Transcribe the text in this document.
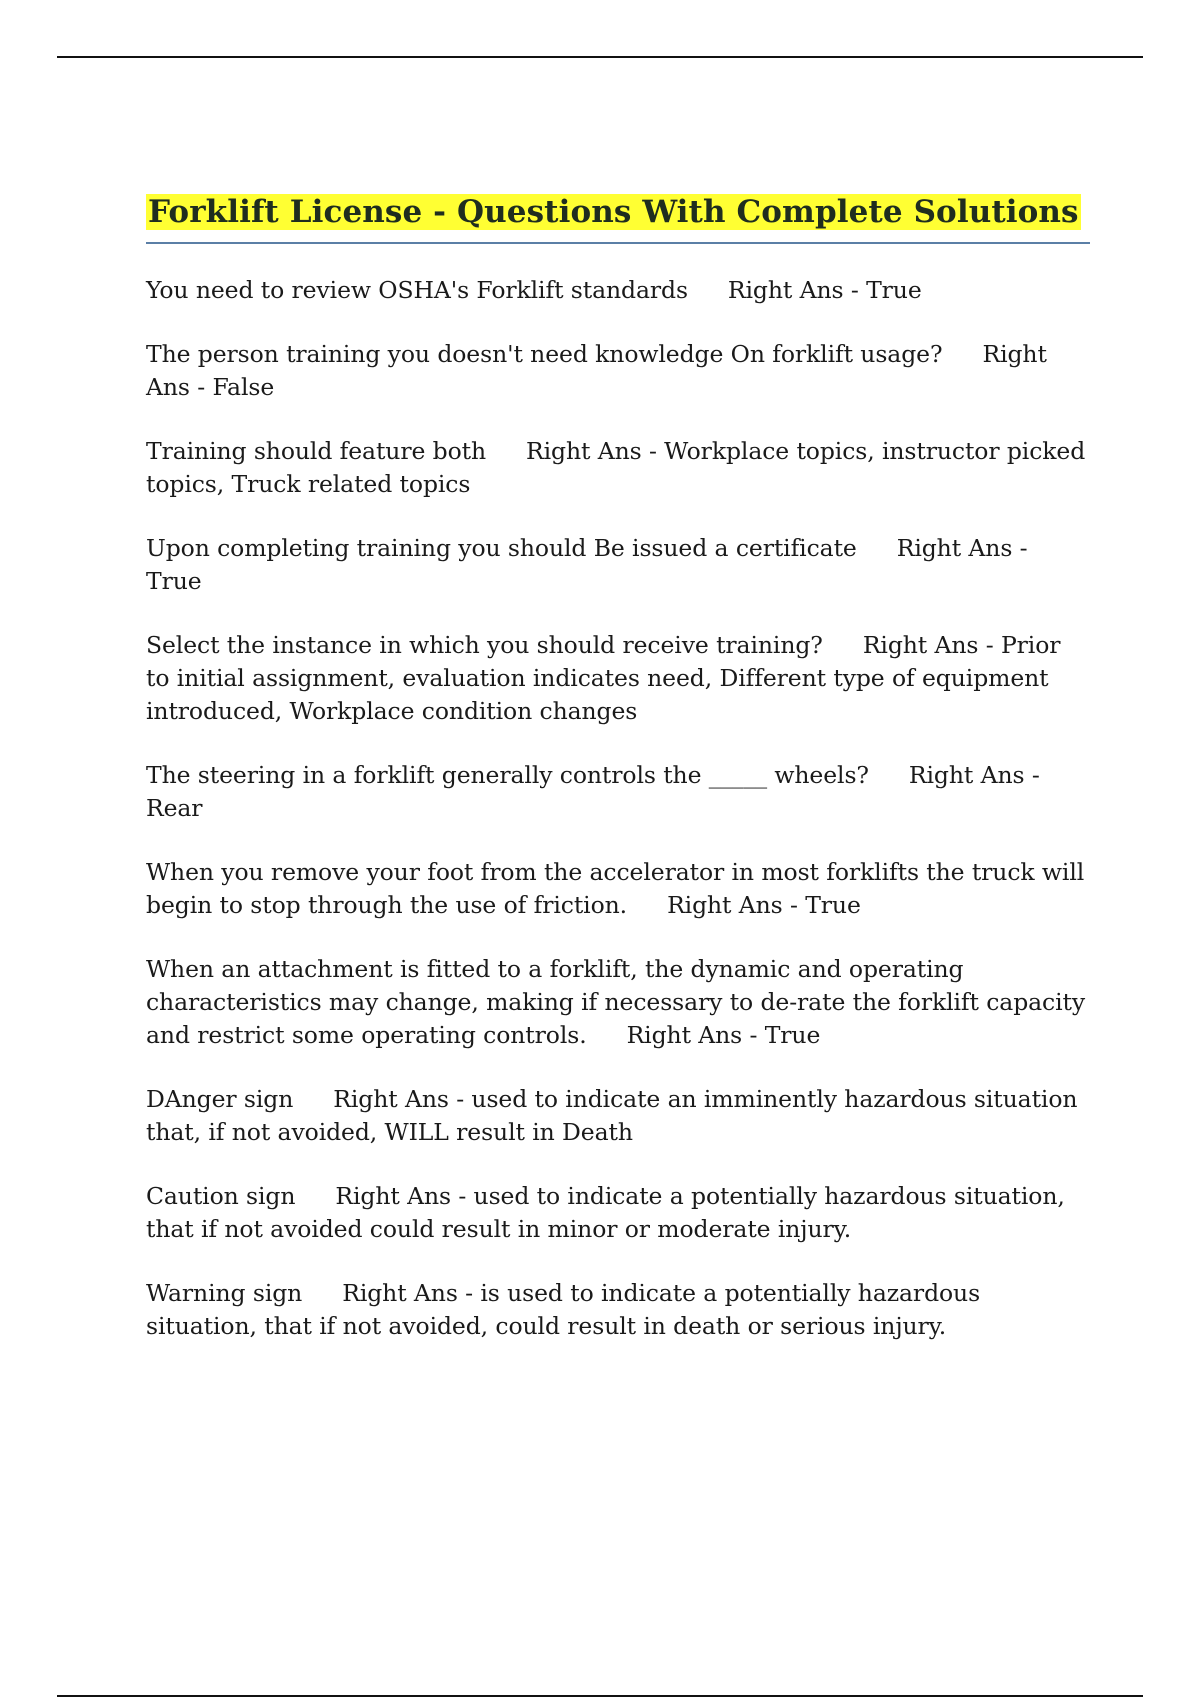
Forklift License - Questions With Complete Solutions
You need to review OSHA's Forklift standards Right Ans - True
The person training you doesn't need knowledge On forklift usage? Right Ans - False
Training should feature both Right Ans - Workplace topics, instructor picked topics, Truck related topics
Upon completing training you should Be issued a certificate Right Ans - True
Select the instance in which you should receive training? Right Ans - Prior to initial assignment, evaluation indicates need, Different type of equipment introduced, Workplace condition changes
The steering in a forklift generally controls the _____ wheels? Right Ans - Rear
When you remove your foot from the accelerator in most forklifts the truck will begin to stop through the use of friction. Right Ans - True
When an attachment is fitted to a forklift, the dynamic and operating characteristics may change, making if necessary to de-rate the forklift capacity and restrict some operating controls. Right Ans - True
DAnger sign Right Ans - used to indicate an imminently hazardous situation that, if not avoided, WILL result in Death
Caution sign Right Ans - used to indicate a potentially hazardous situation, that if not avoided could result in minor or moderate injury.
Warning sign Right Ans - is used to indicate a potentially hazardous situation, that if not avoided, could result in death or serious injury.
